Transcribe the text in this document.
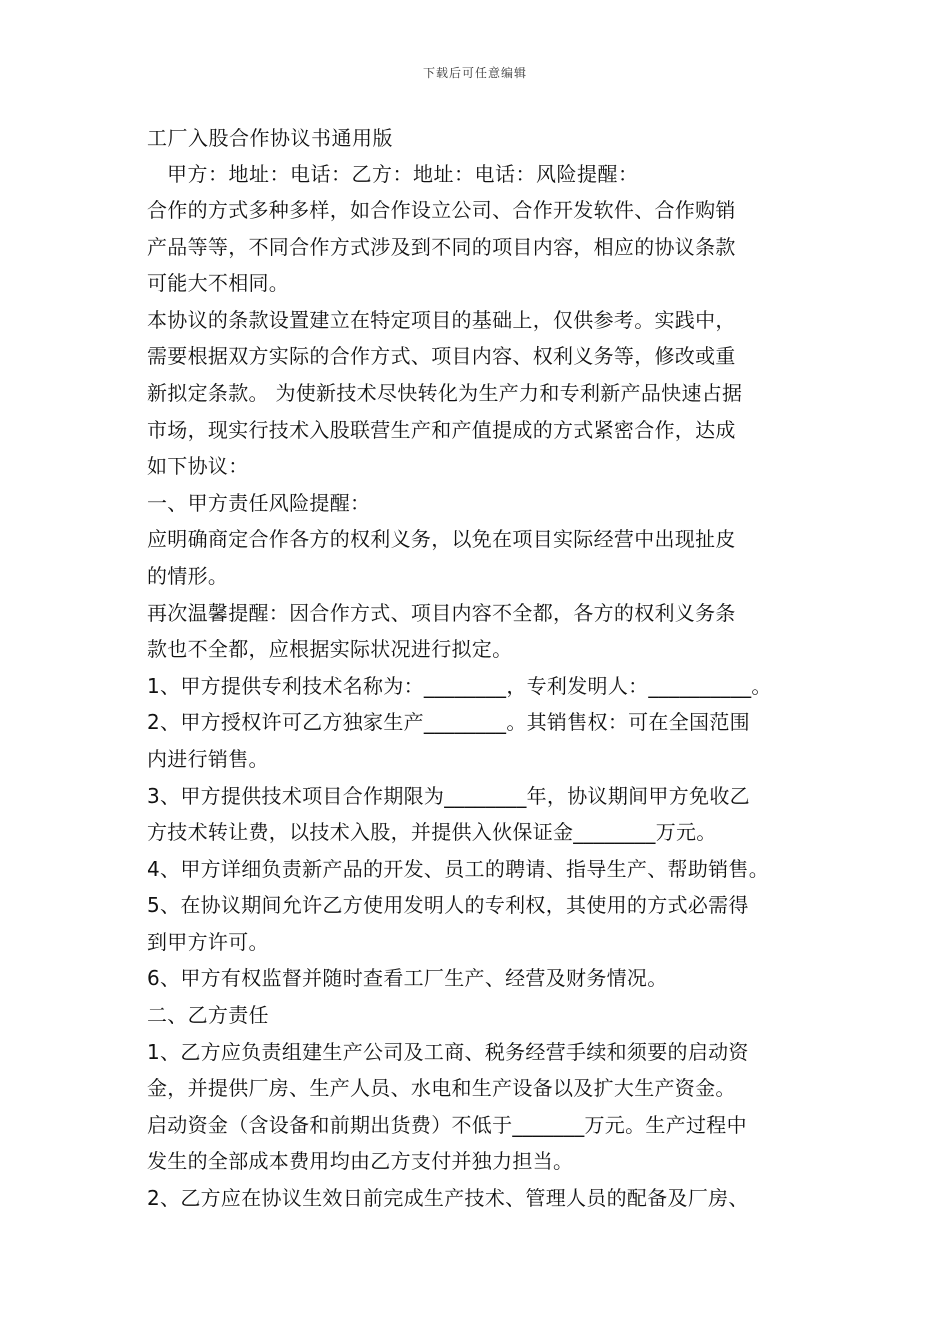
下载后可任意编辑
工厂入股合作协议书通用版
甲方：地址：电话：乙方：地址：电话：风险提醒：

合作的方式多种多样，如合作设立公司、合作开发软件、合作购销

产品等等，不同合作方式涉及到不同的项目内容，相应的协议条款

可能大不相同。

本协议的条款设置建立在特定项目的基础上，仅供参考。实践中，

需要根据双方实际的合作方式、项目内容、权利义务等，修改或重

新拟定条款。 为使新技术尽快转化为生产力和专利新产品快速占据

市场，现实行技术入股联营生产和产值提成的方式紧密合作，达成

如下协议：

一、甲方责任风险提醒：

应明确商定合作各方的权利义务，以免在项目实际经营中出现扯皮

的情形。

再次温馨提醒：因合作方式、项目内容不全都，各方的权利义务条

款也不全都，应根据实际状况进行拟定。

1、甲方提供专利技术名称为：________，专利发明人：__________。

2、甲方授权许可乙方独家生产________。其销售权：可在全国范围

内进行销售。

3、甲方提供技术项目合作期限为________年，协议期间甲方免收乙

方技术转让费，以技术入股，并提供入伙保证金________万元。

4、甲方详细负责新产品的开发、员工的聘请、指导生产、帮助销售。

5、在协议期间允许乙方使用发明人的专利权，其使用的方式必需得

到甲方许可。

6、甲方有权监督并随时查看工厂生产、经营及财务情况。

二、乙方责任

1、乙方应负责组建生产公司及工商、税务经营手续和须要的启动资

金，并提供厂房、生产人员、水电和生产设备以及扩大生产资金。

启动资金（含设备和前期出货费）不低于_______万元。生产过程中

发生的全部成本费用均由乙方支付并独力担当。

2、乙方应在协议生效日前完成生产技术、管理人员的配备及厂房、
